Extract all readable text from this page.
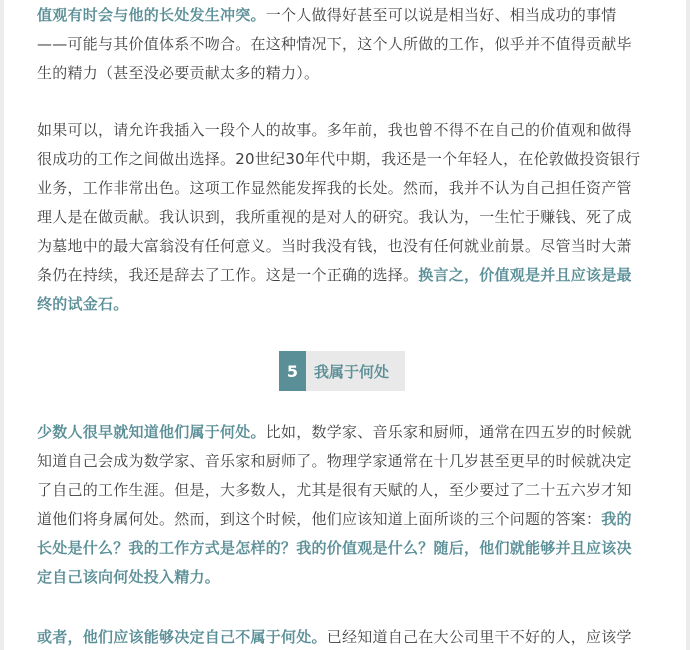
值观有时会与他的长处发生冲突。一个人做得好甚至可以说是相当好、相当成功的事情
——可能与其价值体系不吻合。在这种情况下，这个人所做的工作，似乎并不值得贡献毕
生的精力（甚至没必要贡献太多的精力）。
如果可以，请允许我插入一段个人的故事。多年前，我也曾不得不在自己的价值观和做得
很成功的工作之间做出选择。20世纪30年代中期，我还是一个年轻人，在伦敦做投资银行
业务，工作非常出色。这项工作显然能发挥我的长处。然而，我并不认为自己担任资产管
理人是在做贡献。我认识到，我所重视的是对人的研究。我认为，一生忙于赚钱、死了成
为墓地中的最大富翁没有任何意义。当时我没有钱，也没有任何就业前景。尽管当时大萧
条仍在持续，我还是辞去了工作。这是一个正确的选择。换言之，价值观是并且应该是最
终的试金石。
5	我属于何处
少数人很早就知道他们属于何处。比如，数学家、音乐家和厨师，通常在四五岁的时候就
知道自己会成为数学家、音乐家和厨师了。物理学家通常在十几岁甚至更早的时候就决定
了自己的工作生涯。但是，大多数人，尤其是很有天赋的人，至少要过了二十五六岁才知
道他们将身属何处。然而，到这个时候，他们应该知道上面所谈的三个问题的答案：我的
长处是什么？我的工作方式是怎样的？我的价值观是什么？随后，他们就能够并且应该决
定自己该向何处投入精力。
或者，他们应该能够决定自己不属于何处。已经知道自己在大公司里干不好的人，应该学
